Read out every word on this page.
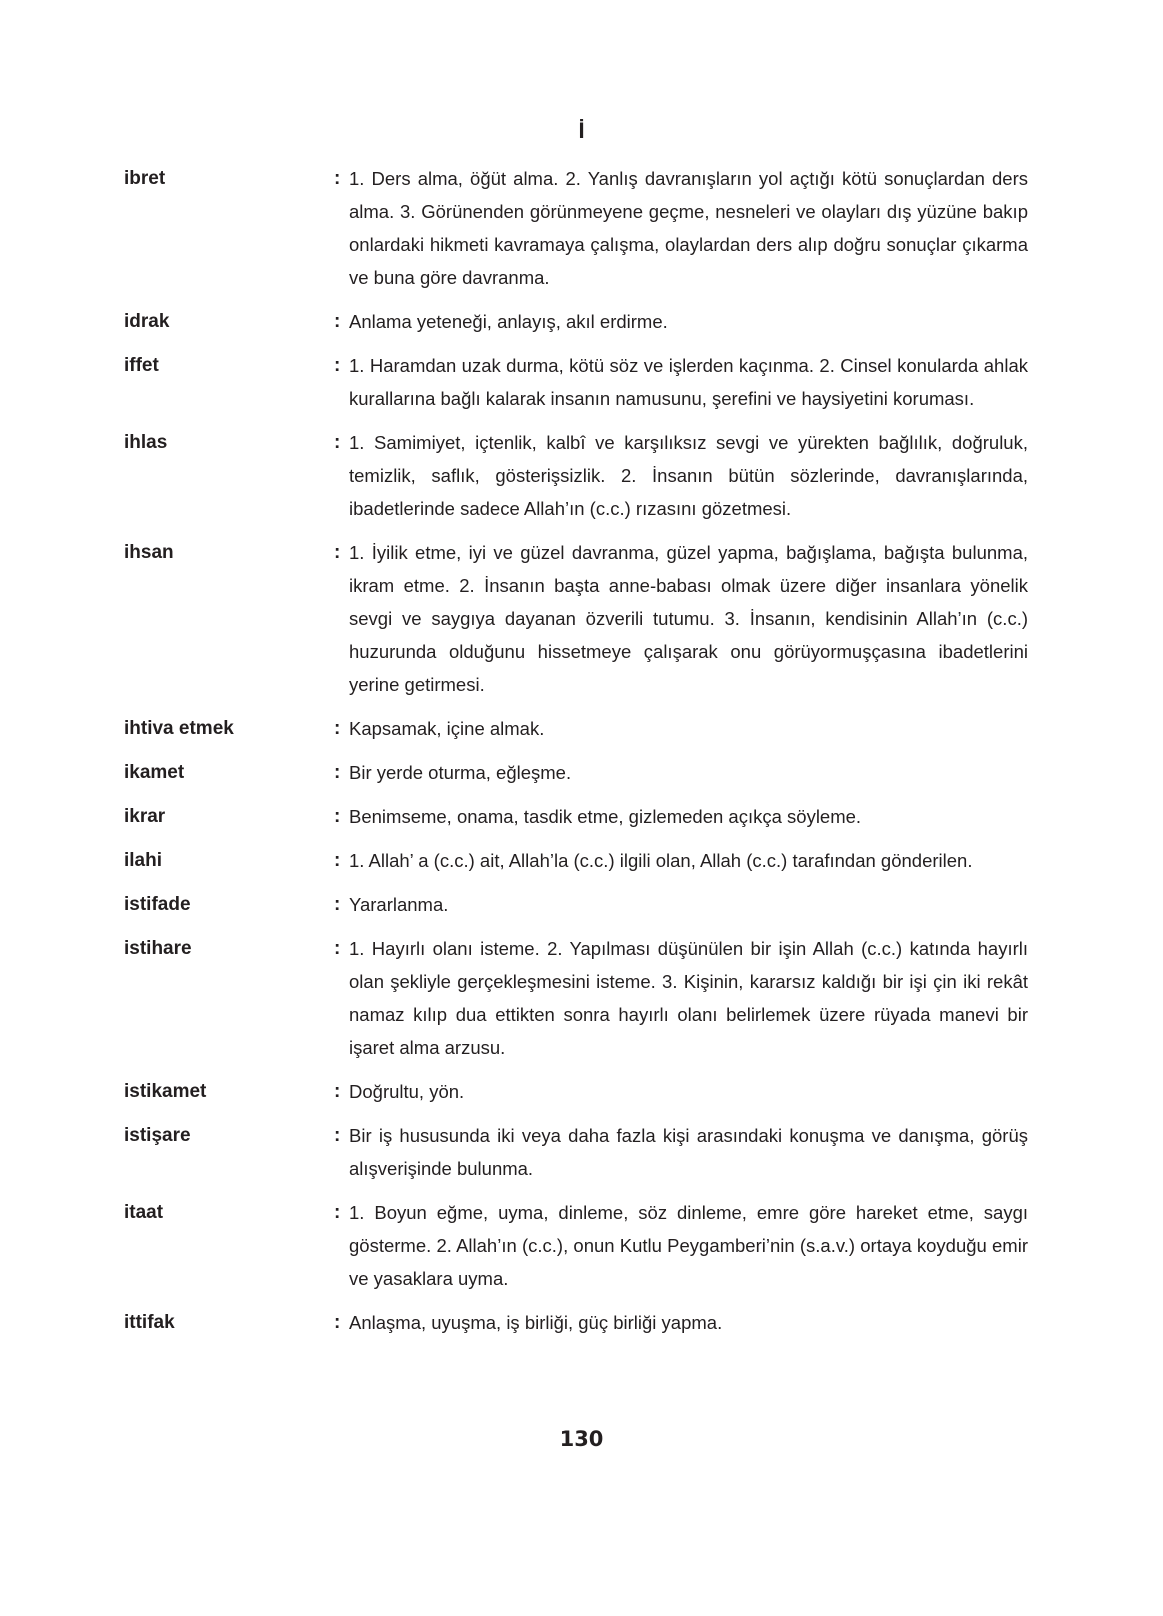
İ
ibret	: 1. Ders alma, öğüt alma. 2. Yanlış davranışların yol açtığı kötü sonuçlardan ders alma. 3. Görünenden görünmeyene geçme, nesneleri ve olayları dış yüzüne bakıp onlardaki hikmeti kavramaya çalışma, olaylardan ders alıp doğru sonuçlar çıkarma ve buna göre davranma.
idrak	: Anlama yeteneği, anlayış, akıl erdirme.
iffet	: 1. Haramdan uzak durma, kötü söz ve işlerden kaçınma. 2. Cinsel konularda ahlak kurallarına bağlı kalarak insanın namusunu, şerefini ve haysiyetini koruması.
ihlas	: 1. Samimiyet, içtenlik, kalbî ve karşılıksız sevgi ve yürekten bağlılık, doğruluk, temizlik, saflık, gösterişsizlik. 2. İnsanın bütün sözlerinde, davranışlarında, ibadetlerinde sadece Allah’ın (c.c.) rızasını gözetmesi.
ihsan	: 1. İyilik etme, iyi ve güzel davranma, güzel yapma, bağışlama, bağışta bulunma, ikram etme. 2. İnsanın başta anne-babası olmak üzere diğer insanlara yönelik sevgi ve saygıya dayanan özverili tutumu. 3. İnsanın, kendisinin Allah’ın (c.c.) huzurunda olduğunu hissetmeye çalışarak onu görüyormuşçasına ibadetlerini yerine getirmesi.
ihtiva etmek	: Kapsamak, içine almak.
ikamet	: Bir yerde oturma, eğleşme.
ikrar	: Benimseme, onama, tasdik etme, gizlemeden açıkça söyleme.
ilahi	: 1. Allah’ a (c.c.) ait, Allah’la (c.c.) ilgili olan, Allah (c.c.) tarafından gönderilen.
istifade	: Yararlanma.
istihare	: 1. Hayırlı olanı isteme. 2. Yapılması düşünülen bir işin Allah (c.c.) katında hayırlı olan şekliyle gerçekleşmesini isteme. 3. Kişinin, kararsız kaldığı bir işi çin iki rekât namaz kılıp dua ettikten sonra hayırlı olanı belirlemek üzere rüyada manevi bir işaret alma arzusu.
istikamet	: Doğrultu, yön.
istişare	: Bir iş hususunda iki veya daha fazla kişi arasındaki konuşma ve danışma, görüş alışverişinde bulunma.
itaat	: 1. Boyun eğme, uyma, dinleme, söz dinleme, emre göre hareket etme, saygı gösterme. 2. Allah’ın (c.c.), onun Kutlu Peygamberi’nin (s.a.v.) ortaya koyduğu emir ve yasaklara uyma.
ittifak	: Anlaşma, uyuşma, iş birliği, güç birliği yapma.
130
